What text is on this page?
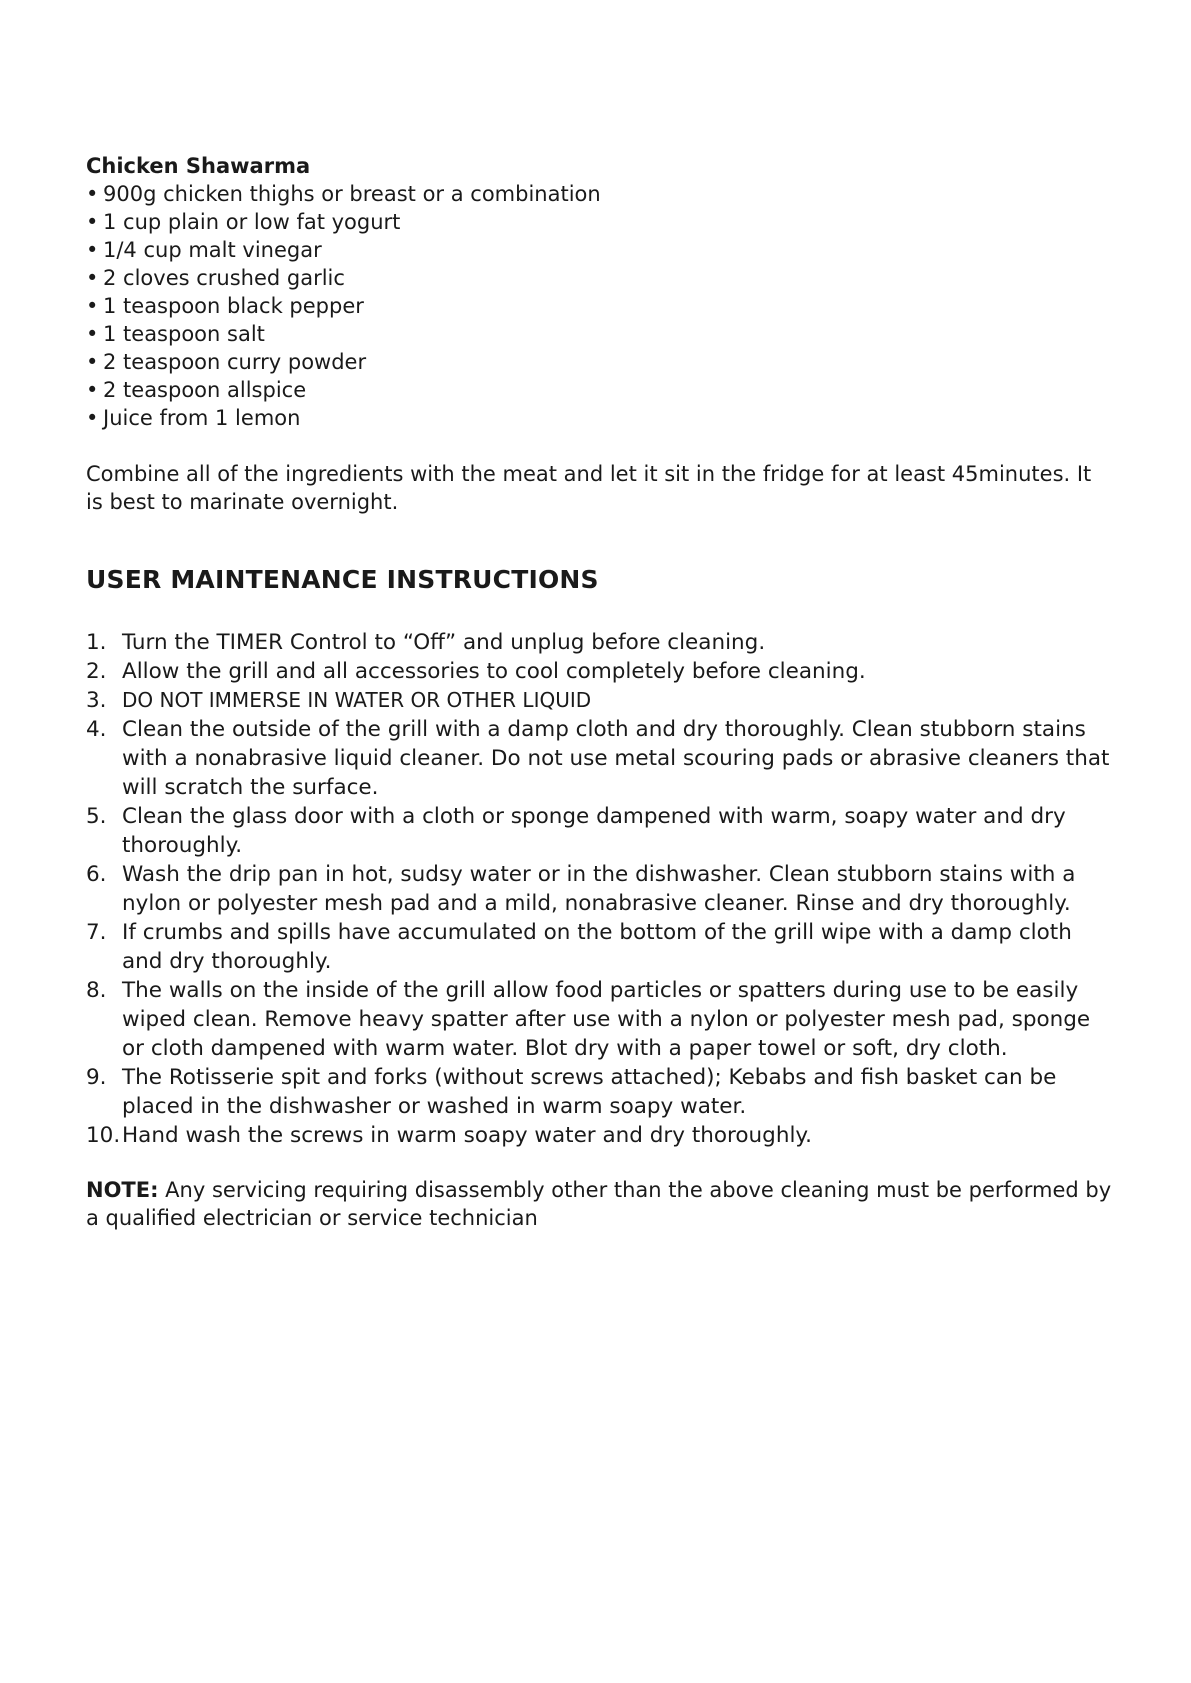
Chicken Shawarma
• 900g chicken thighs or breast or a combination
• 1 cup plain or low fat yogurt
• 1/4 cup malt vinegar
• 2 cloves crushed garlic
• 1 teaspoon black pepper
• 1 teaspoon salt
• 2 teaspoon curry powder
• 2 teaspoon allspice
• Juice from 1 lemon

Combine all of the ingredients with the meat and let it sit in the fridge for at least 45minutes. It is best to marinate overnight.

USER MAINTENANCE INSTRUCTIONS
1. Turn the TIMER Control to “Off” and unplug before cleaning.
2. Allow the grill and all accessories to cool completely before cleaning.
3. DO NOT IMMERSE IN WATER OR OTHER LIQUID
4. Clean the outside of the grill with a damp cloth and dry thoroughly. Clean stubborn stains with a nonabrasive liquid cleaner. Do not use metal scouring pads or abrasive cleaners that will scratch the surface.
5. Clean the glass door with a cloth or sponge dampened with warm, soapy water and dry thoroughly.
6. Wash the drip pan in hot, sudsy water or in the dishwasher. Clean stubborn stains with a nylon or polyester mesh pad and a mild, nonabrasive cleaner. Rinse and dry thoroughly.
7. If crumbs and spills have accumulated on the bottom of the grill wipe with a damp cloth and dry thoroughly.
8. The walls on the inside of the grill allow food particles or spatters during use to be easily wiped clean. Remove heavy spatter after use with a nylon or polyester mesh pad, sponge or cloth dampened with warm water. Blot dry with a paper towel or soft, dry cloth.
9. The Rotisserie spit and forks (without screws attached); Kebabs and fish basket can be placed in the dishwasher or washed in warm soapy water.
10. Hand wash the screws in warm soapy water and dry thoroughly.

NOTE: Any servicing requiring disassembly other than the above cleaning must be performed by a qualified electrician or service technician
